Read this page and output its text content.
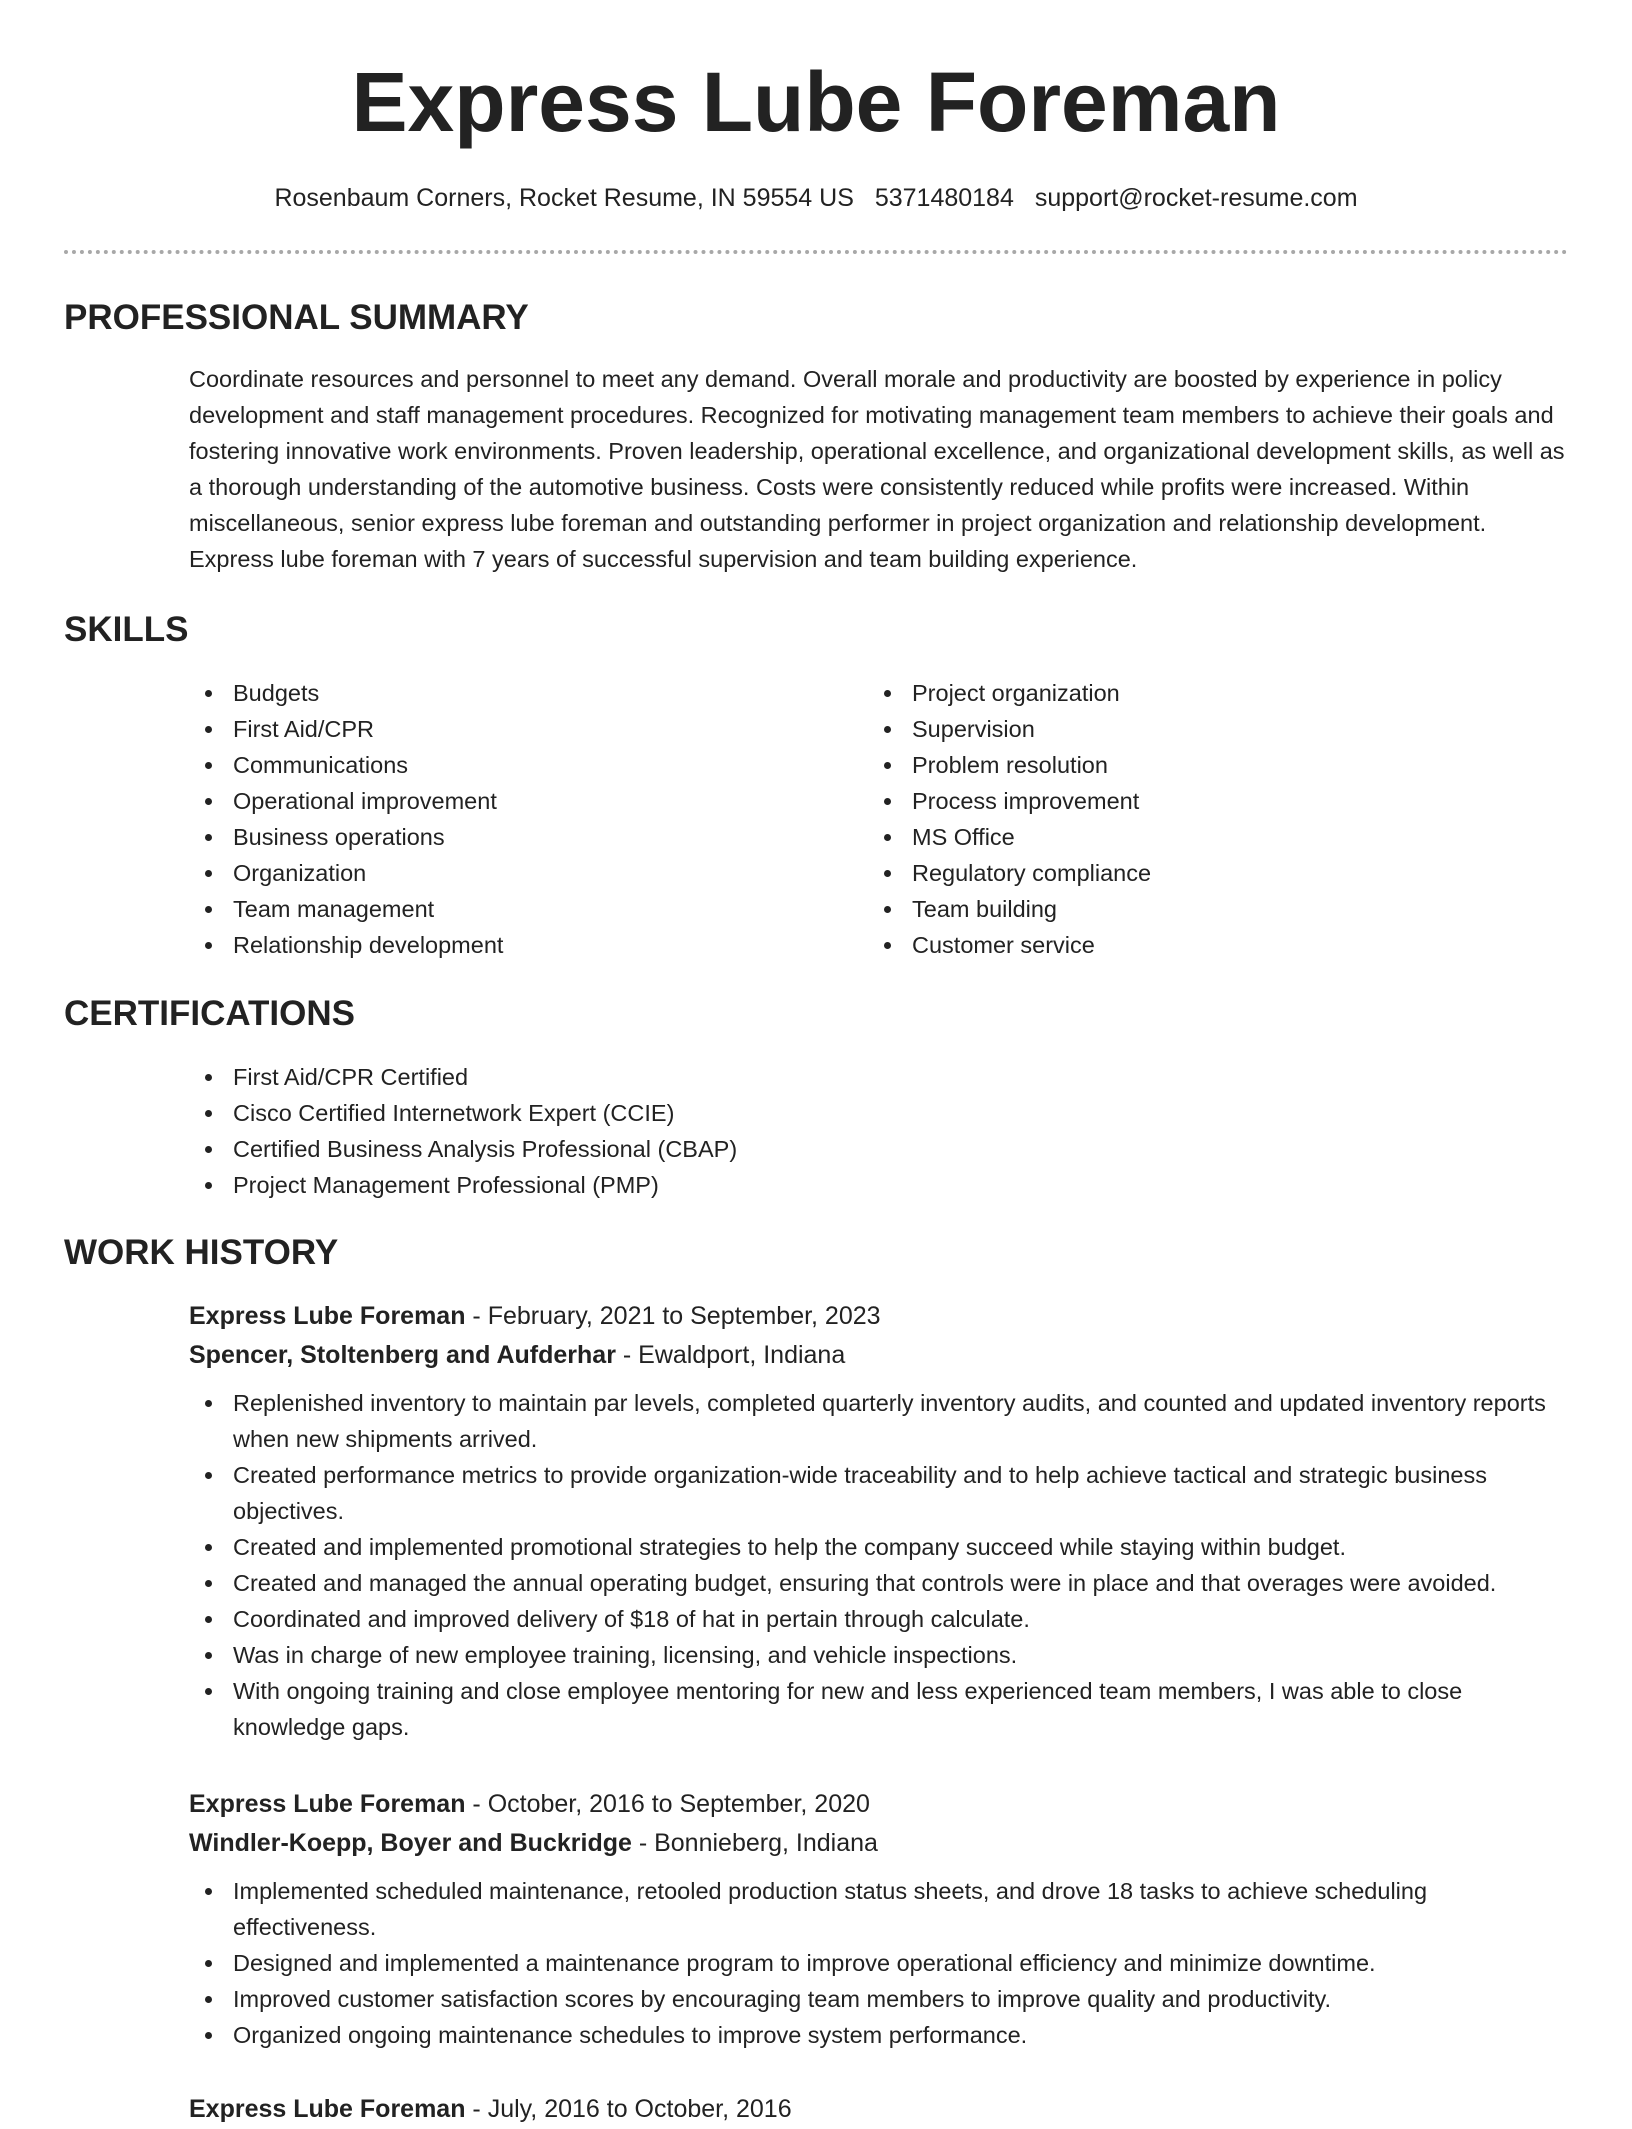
Express Lube Foreman
Rosenbaum Corners, Rocket Resume, IN 59554 US 5371480184 support@rocket-resume.com
PROFESSIONAL SUMMARY
Coordinate resources and personnel to meet any demand. Overall morale and productivity are boosted by experience in policy development and staff management procedures. Recognized for motivating management team members to achieve their goals and fostering innovative work environments. Proven leadership, operational excellence, and organizational development skills, as well as a thorough understanding of the automotive business. Costs were consistently reduced while profits were increased. Within miscellaneous, senior express lube foreman and outstanding performer in project organization and relationship development. Express lube foreman with 7 years of successful supervision and team building experience.
SKILLS
Budgets
First Aid/CPR
Communications
Operational improvement
Business operations
Organization
Team management
Relationship development
Project organization
Supervision
Problem resolution
Process improvement
MS Office
Regulatory compliance
Team building
Customer service
CERTIFICATIONS
First Aid/CPR Certified
Cisco Certified Internetwork Expert (CCIE)
Certified Business Analysis Professional (CBAP)
Project Management Professional (PMP)
WORK HISTORY
Express Lube Foreman - February, 2021 to September, 2023
Spencer, Stoltenberg and Aufderhar - Ewaldport, Indiana
Replenished inventory to maintain par levels, completed quarterly inventory audits, and counted and updated inventory reports when new shipments arrived.
Created performance metrics to provide organization-wide traceability and to help achieve tactical and strategic business objectives.
Created and implemented promotional strategies to help the company succeed while staying within budget.
Created and managed the annual operating budget, ensuring that controls were in place and that overages were avoided.
Coordinated and improved delivery of $18 of hat in pertain through calculate.
Was in charge of new employee training, licensing, and vehicle inspections.
With ongoing training and close employee mentoring for new and less experienced team members, I was able to close knowledge gaps.
Express Lube Foreman - October, 2016 to September, 2020
Windler-Koepp, Boyer and Buckridge - Bonnieberg, Indiana
Implemented scheduled maintenance, retooled production status sheets, and drove 18 tasks to achieve scheduling effectiveness.
Designed and implemented a maintenance program to improve operational efficiency and minimize downtime.
Improved customer satisfaction scores by encouraging team members to improve quality and productivity.
Organized ongoing maintenance schedules to improve system performance.
Express Lube Foreman - July, 2016 to October, 2016
